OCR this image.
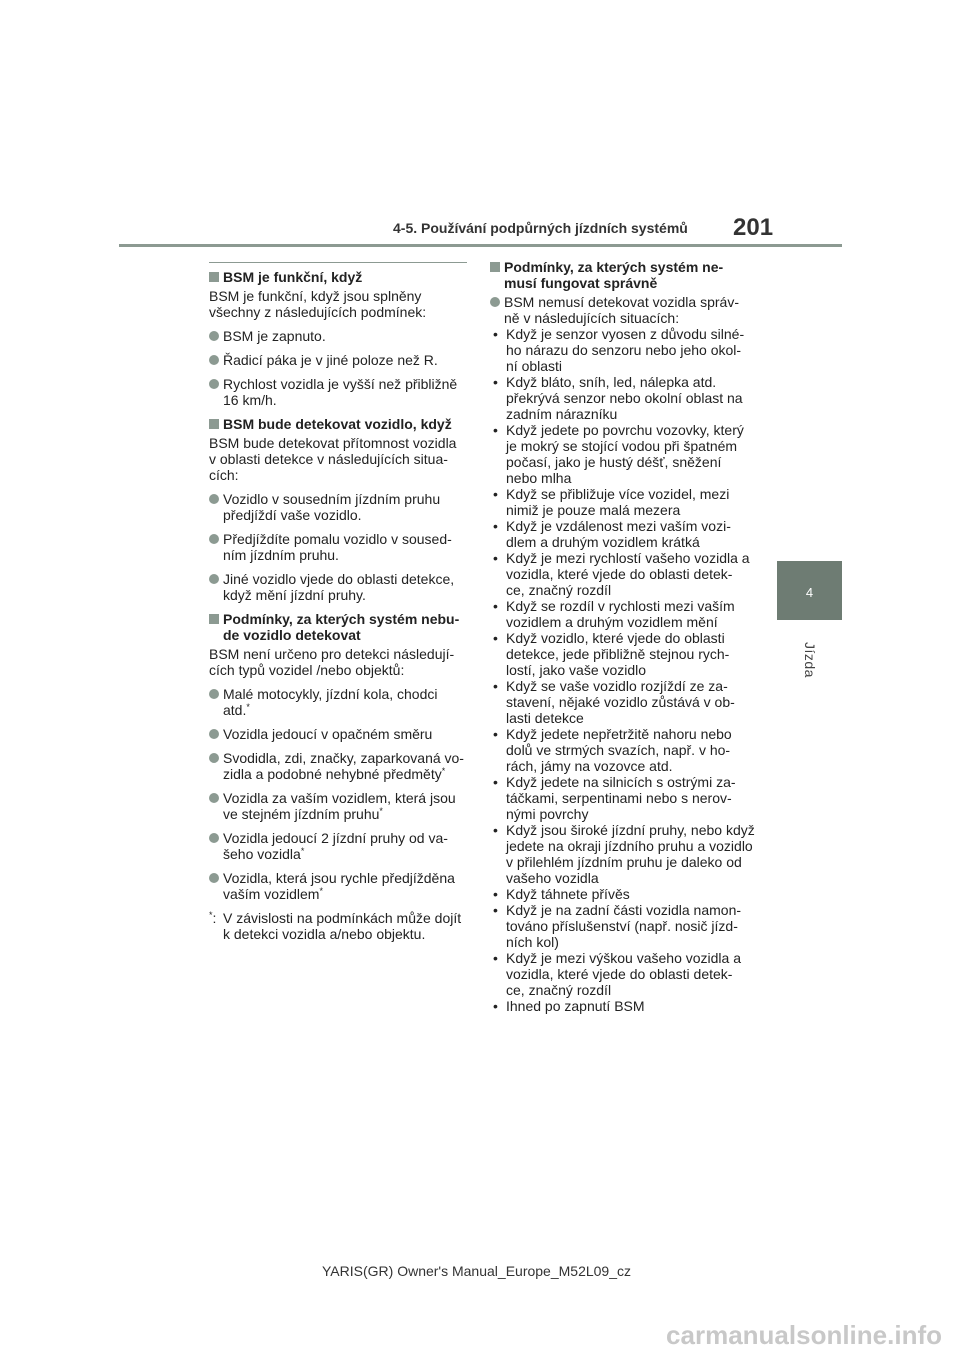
4-5. Používání podpůrných jízdních systémů 201
4
Jízda
BSM je funkční, když
BSM je funkční, když jsou splněny všechny z následujících podmínek:
BSM je zapnuto.
Řadicí páka je v jiné poloze než R.
Rychlost vozidla je vyšší než přibližně 16 km/h.
BSM bude detekovat vozidlo, když
BSM bude detekovat přítomnost vozidla v oblasti detekce v následujících situa- cích:
Vozidlo v sousedním jízdním pruhu předjíždí vaše vozidlo.
Předjíždíte pomalu vozidlo v soused- ním jízdním pruhu.
Jiné vozidlo vjede do oblasti detekce, když mění jízdní pruhy.
Podmínky, za kterých systém nebu- de vozidlo detekovat
BSM není určeno pro detekci následují- cích typů vozidel /nebo objektů:
Malé motocykly, jízdní kola, chodci atd.*
Vozidla jedoucí v opačném směru
Svodidla, zdi, značky, zaparkovaná vo- zidla a podobné nehybné předměty*
Vozidla za vaším vozidlem, která jsou ve stejném jízdním pruhu*
Vozidla jedoucí 2 jízdní pruhy od va- šeho vozidla*
Vozidla, která jsou rychle předjížděna vaším vozidlem*
*: V závislosti na podmínkách může dojít k detekci vozidla a/nebo objektu.
Podmínky, za kterých systém ne- musí fungovat správně
BSM nemusí detekovat vozidla správ- ně v následujících situacích:
• Když je senzor vyosen z důvodu silné- ho nárazu do senzoru nebo jeho okol- ní oblasti
• Když bláto, sníh, led, nálepka atd. překrývá senzor nebo okolní oblast na zadním nárazníku
• Když jedete po povrchu vozovky, který je mokrý se stojící vodou při špatném počasí, jako je hustý déšť, sněžení nebo mlha
• Když se přibližuje více vozidel, mezi nimiž je pouze malá mezera
• Když je vzdálenost mezi vaším vozi- dlem a druhým vozidlem krátká
• Když je mezi rychlostí vašeho vozidla a vozidla, které vjede do oblasti detek- ce, značný rozdíl
• Když se rozdíl v rychlosti mezi vaším vozidlem a druhým vozidlem mění
• Když vozidlo, které vjede do oblasti detekce, jede přibližně stejnou rych- lostí, jako vaše vozidlo
• Když se vaše vozidlo rozjíždí ze za- stavení, nějaké vozidlo zůstává v ob- lasti detekce
• Když jedete nepřetržitě nahoru nebo dolů ve strmých svazích, např. v ho- rách, jámy na vozovce atd.
• Když jedete na silnicích s ostrými za- táčkami, serpentinami nebo s nerov- nými povrchy
• Když jsou široké jízdní pruhy, nebo když jedete na okraji jízdního pruhu a vozidlo v přilehlém jízdním pruhu je daleko od vašeho vozidla
• Když táhnete přívěs
• Když je na zadní části vozidla namon- továno příslušenství (např. nosič jízd- ních kol)
• Když je mezi výškou vašeho vozidla a vozidla, které vjede do oblasti detek- ce, značný rozdíl
• Ihned po zapnutí BSM
YARIS(GR) Owner's Manual_Europe_M52L09_cz
carmanualsonline.info
